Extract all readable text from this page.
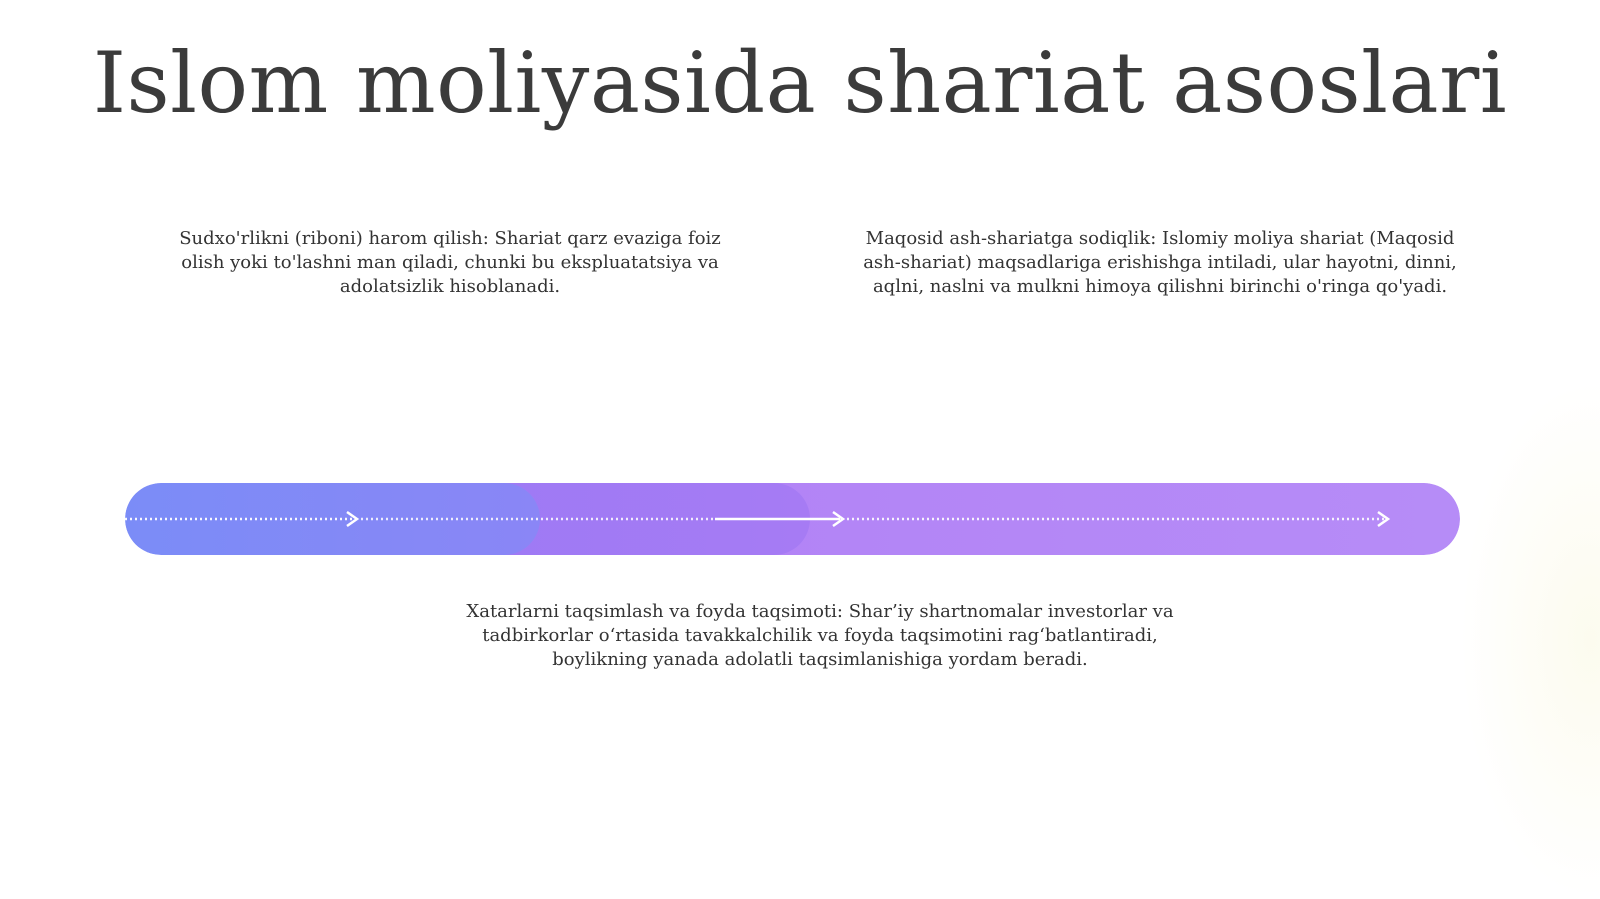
Islom moliyasida shariat asoslari
Sudxo'rlikni (riboni) harom qilish: Shariat qarz evaziga foiz olish yoki to'lashni man qiladi, chunki bu ekspluatatsiya va adolatsizlik hisoblanadi.
Maqosid ash-shariatga sodiqlik: Islomiy moliya shariat (Maqosid ash-shariat) maqsadlariga erishishga intiladi, ular hayotni, dinni, aqlni, naslni va mulkni himoya qilishni birinchi o'ringa qo'yadi.
Xatarlarni taqsimlash va foyda taqsimoti: Shar’iy shartnomalar investorlar va tadbirkorlar o‘rtasida tavakkalchilik va foyda taqsimotini rag‘batlantiradi, boylikning yanada adolatli taqsimlanishiga yordam beradi.
